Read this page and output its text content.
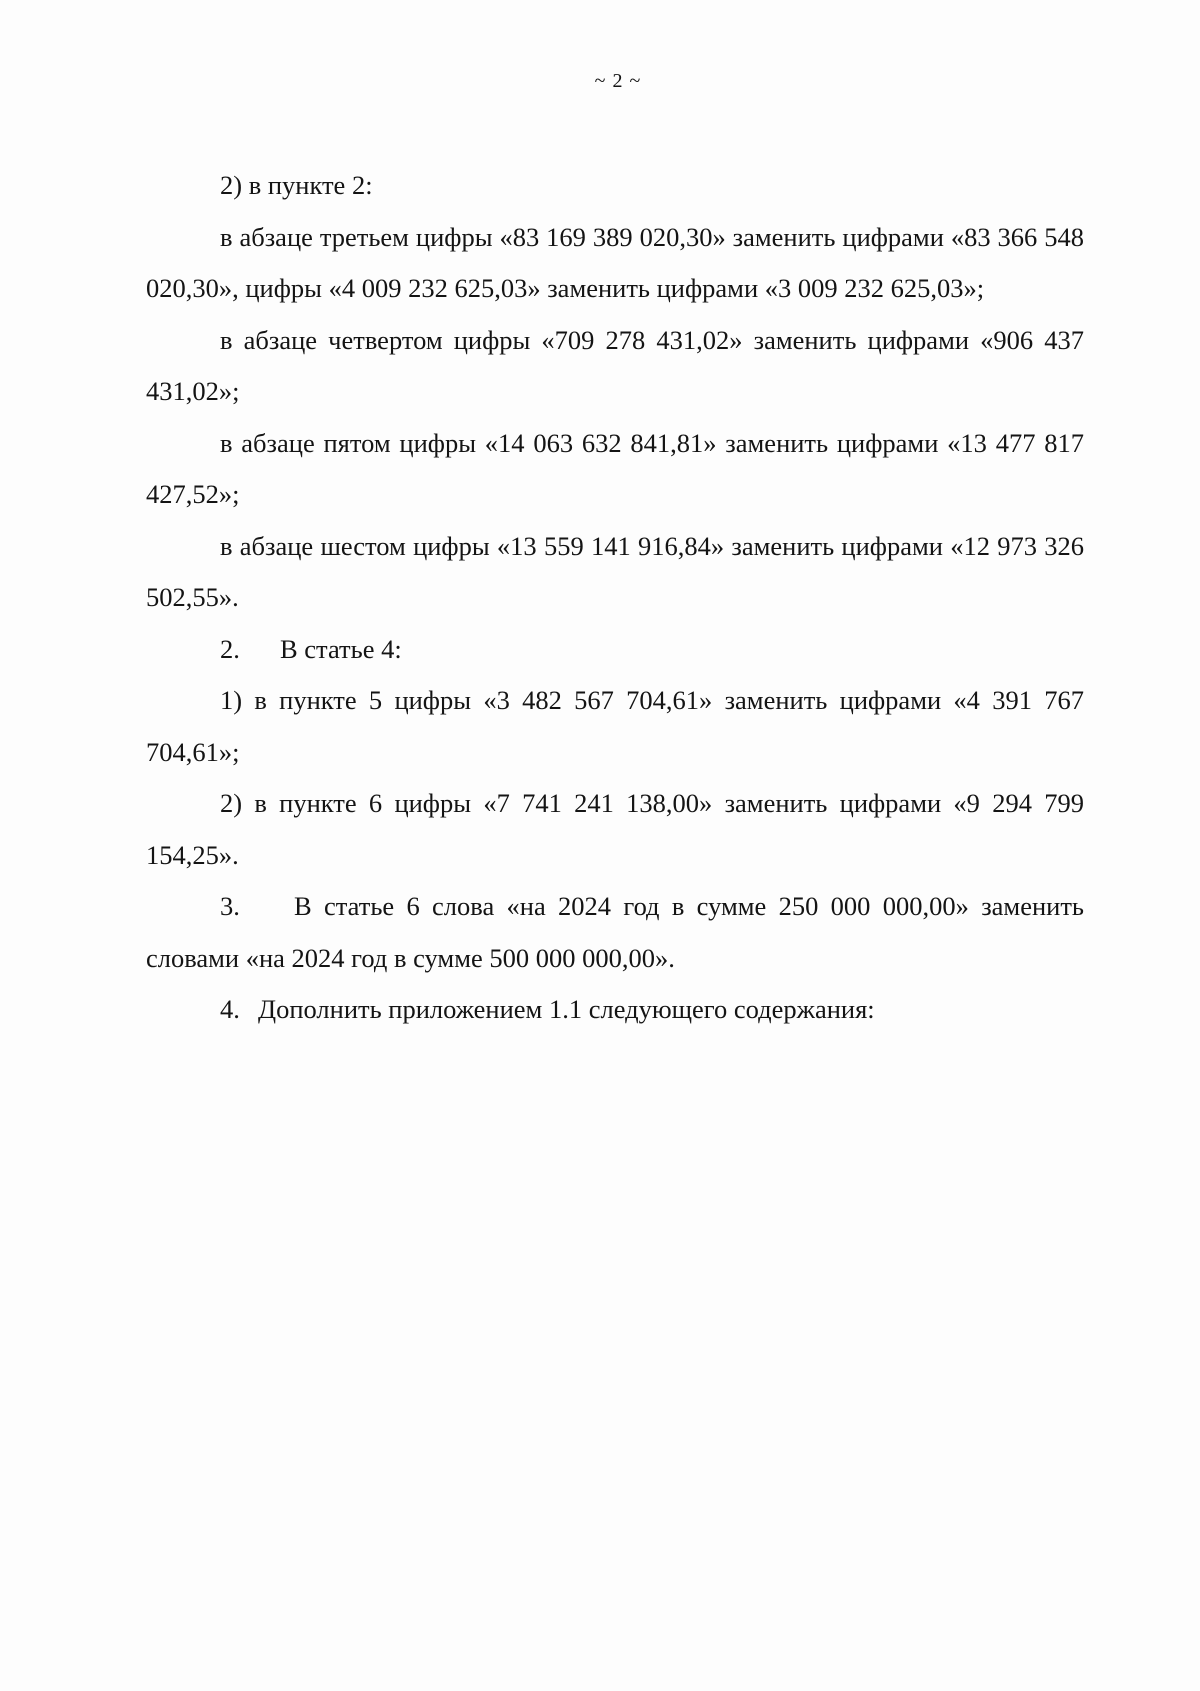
~ 2 ~

2) в пункте 2:

в абзаце третьем цифры «83 169 389 020,30» заменить цифрами «83 366 548 020,30», цифры «4 009 232 625,03» заменить цифрами «3 009 232 625,03»;

в абзаце четвертом цифры «709 278 431,02» заменить цифрами «906 437 431,02»;

в абзаце пятом цифры «14 063 632 841,81» заменить цифрами «13 477 817 427,52»;

в абзаце шестом цифры «13 559 141 916,84» заменить цифрами «12 973 326 502,55».

2. В статье 4:

1) в пункте 5 цифры «3 482 567 704,61» заменить цифрами «4 391 767 704,61»;

2) в пункте 6 цифры «7 741 241 138,00» заменить цифрами «9 294 799 154,25».

3. В статье 6 слова «на 2024 год в сумме 250 000 000,00» заменить словами «на 2024 год в сумме 500 000 000,00».

4. Дополнить приложением 1.1 следующего содержания:
